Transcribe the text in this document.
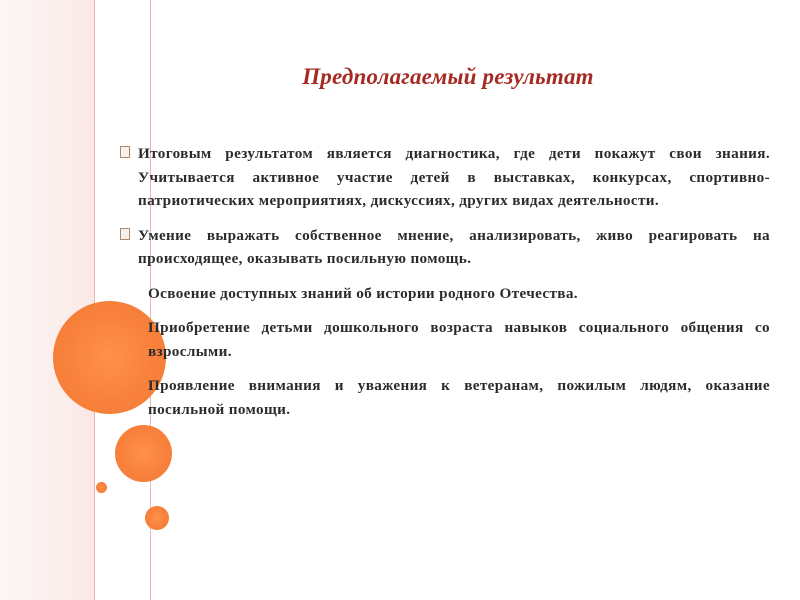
Предполагаемый результат

Итоговым результатом является диагностика, где дети покажут свои знания. Учитывается активное участие детей в выставках, конкурсах, спортивно-патриотических мероприятиях, дискуссиях, других видах деятельности.

Умение выражать собственное мнение, анализировать, живо реагировать на происходящее, оказывать посильную помощь.

Освоение доступных знаний об истории родного Отечества.

Приобретение детьми дошкольного возраста навыков социального общения со взрослыми.

Проявление внимания и уважения к ветеранам, пожилым людям, оказание посильной помощи.
